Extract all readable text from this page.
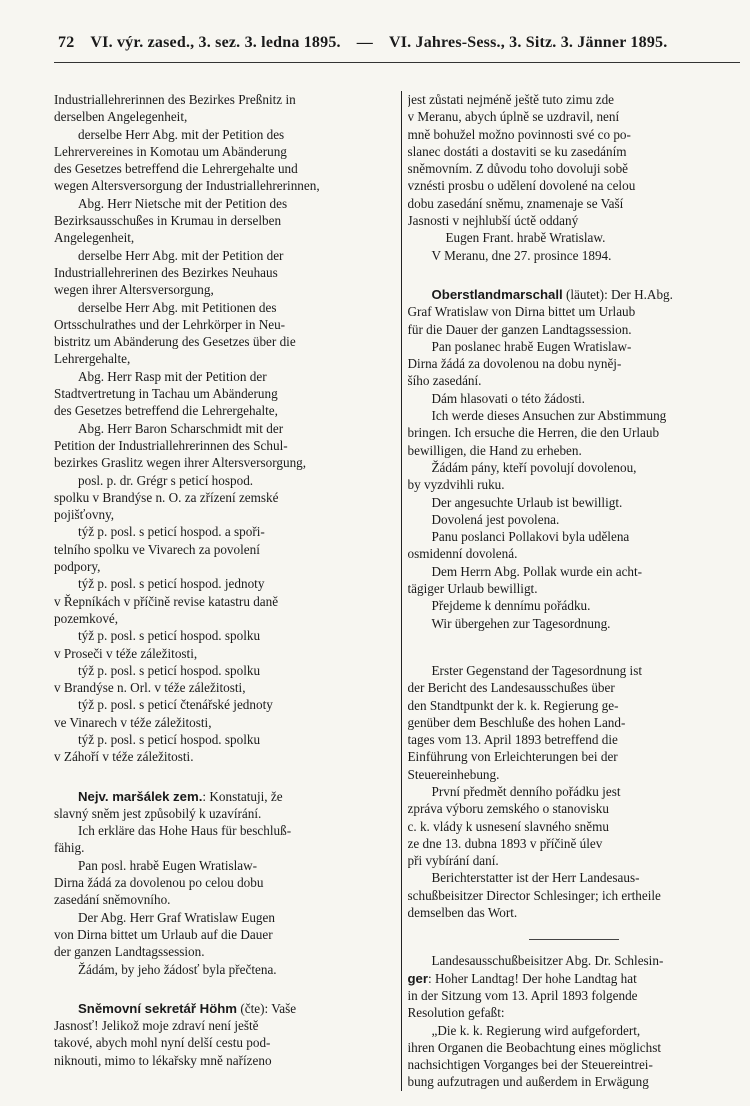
72 VI. výr. zased., 3. sez. 3. ledna 1895. — VI. Jahres-Sess., 3. Sitz. 3. Jänner 1895.
Industriallehrerinnen des Bezirkes Preßnitz in
derselben Angelegenheit,
derselbe Herr Abg. mit der Petition des
Lehrervereines in Komotau um Abänderung
des Gesetzes betreffend die Lehrergehalte und
wegen Altersversorgung der Industriallehrerinnen,
Abg. Herr Nietsche mit der Petition des
Bezirksausschußes in Krumau in derselben
Angelegenheit,
derselbe Herr Abg. mit der Petition der
Industriallehrerinen des Bezirkes Neuhaus
wegen ihrer Altersversorgung,
derselbe Herr Abg. mit Petitionen des
Ortsschulrathes und der Lehrkörper in Neu-
bistritz um Abänderung des Gesetzes über die
Lehrergehalte,
Abg. Herr Rasp mit der Petition der
Stadtvertretung in Tachau um Abänderung
des Gesetzes betreffend die Lehrergehalte,
Abg. Herr Baron Scharschmidt mit der
Petition der Industriallehrerinnen des Schul-
bezirkes Graslitz wegen ihrer Altersversorgung,
posl. p. dr. Grégr s peticí hospod.
spolku v Brandýse n. O. za zřízení zemské
pojišťovny,
týž p. posl. s peticí hospod. a spoři-
telního spolku ve Vivarech za povolení
podpory,
týž p. posl. s peticí hospod. jednoty
v Řepníkách v příčině revise katastru daně
pozemkové,
týž p. posl. s peticí hospod. spolku
v Proseči v téže záležitosti,
týž p. posl. s peticí hospod. spolku
v Brandýse n. Orl. v téže záležitosti,
týž p. posl. s peticí čtenářské jednoty
ve Vinarech v téže záležitosti,
týž p. posl. s peticí hospod. spolku
v Záhoří v téže záležitosti.
Nejv. maršálek zem.: Konstatuji, že
slavný sněm jest způsobilý k uzavírání.
Ich erkläre das Hohe Haus für beschluß-
fähig.
Pan posl. hrabě Eugen Wratislaw-
Dirna žádá za dovolenou po celou dobu
zasedání sněmovního.
Der Abg. Herr Graf Wratislaw Eugen
von Dirna bittet um Urlaub auf die Dauer
der ganzen Landtagssession.
Žádám, by jeho žádosť byla přečtena.
Sněmovní sekretář Höhm (čte): Vaše
Jasnosť! Jelikož moje zdraví není ještě
takové, abych mohl nyní delší cestu pod-
niknouti, mimo to lékařsky mně nařízeno
jest zůstati nejméně ještě tuto zimu zde
v Meranu, abych úplně se uzdravil, není
mně bohužel možno povinnosti své co po-
slanec dostáti a dostaviti se ku zasedáním
sněmovním. Z důvodu toho dovoluji sobě
vznésti prosbu o udělení dovolené na celou
dobu zasedání sněmu, znamenaje se Vaší
Jasnosti v nejhlubší úctě oddaný
Eugen Frant. hrabě Wratislaw.
V Meranu, dne 27. prosince 1894.
Oberstlandmarschall (läutet): Der H.Abg.
Graf Wratislaw von Dirna bittet um Urlaub
für die Dauer der ganzen Landtagssession.
Pan poslanec hrabě Eugen Wratislaw-
Dirna žádá za dovolenou na dobu nyněj-
šího zasedání.
Dám hlasovati o této žádosti.
Ich werde dieses Ansuchen zur Abstimmung
bringen. Ich ersuche die Herren, die den Urlaub
bewilligen, die Hand zu erheben.
Žádám pány, kteří povolují dovolenou,
by vyzdvihli ruku.
Der angesuchte Urlaub ist bewilligt.
Dovolená jest povolena.
Panu poslanci Pollakovi byla udělena
osmidenní dovolená.
Dem Herrn Abg. Pollak wurde ein acht-
tägiger Urlaub bewilligt.
Přejdeme k dennímu pořádku.
Wir übergehen zur Tagesordnung.
Erster Gegenstand der Tagesordnung ist
der Bericht des Landesausschußes über
den Standtpunkt der k. k. Regierung ge-
genüber dem Beschluße des hohen Land-
tages vom 13. April 1893 betreffend die
Einführung von Erleichterungen bei der
Steuereinhebung.
První předmět denního pořádku jest
zpráva výboru zemského o stanovisku
c. k. vlády k usnesení slavného sněmu
ze dne 13. dubna 1893 v příčině úlev
při vybírání daní.
Berichterstatter ist der Herr Landesaus-
schußbeisitzer Director Schlesinger; ich ertheile
demselben das Wort.
Landesausschußbeisitzer Abg. Dr. Schlesin-
ger: Hoher Landtag! Der hohe Landtag hat
in der Sitzung vom 13. April 1893 folgende
Resolution gefaßt:
„Die k. k. Regierung wird aufgefordert,
ihren Organen die Beobachtung eines möglichst
nachsichtigen Vorganges bei der Steuereintrei-
bung aufzutragen und außerdem in Erwägung
